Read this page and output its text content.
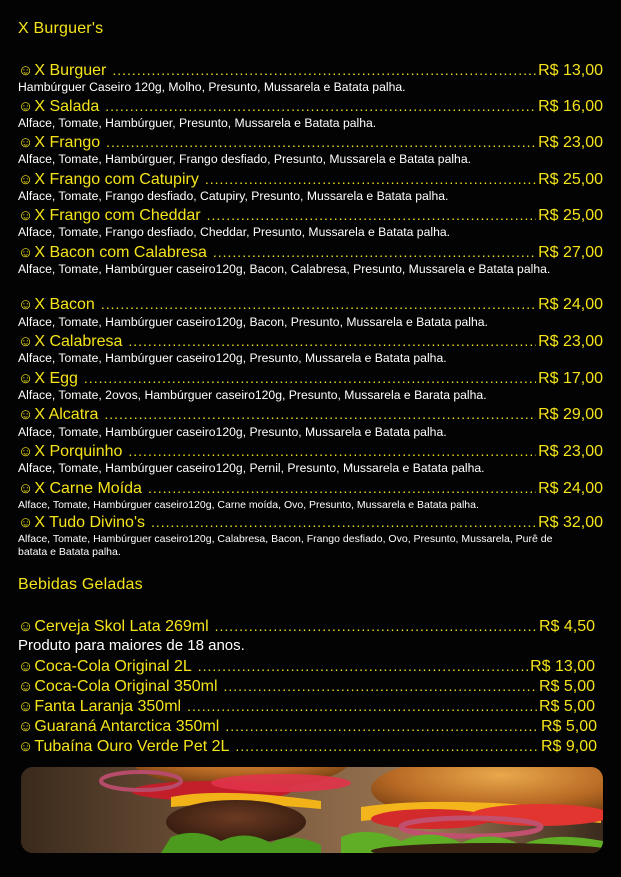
X Burguer's
☺ X Burguer .....	R$ 13,00
Hambúrguer Caseiro 120g, Molho, Presunto, Mussarela e Batata palha.
☺ X Salada .....	R$ 16,00
Alface, Tomate, Hambúrguer, Presunto, Mussarela e Batata palha.
☺ X Frango .....	R$ 23,00
Alface, Tomate, Hambúrguer, Frango desfiado, Presunto, Mussarela e Batata palha.
☺ X Frango com Catupiry .....	R$ 25,00
Alface, Tomate, Frango desfiado, Catupiry, Presunto, Mussarela e Batata palha.
☺ X Frango com Cheddar .....	R$ 25,00
Alface, Tomate, Frango desfiado, Cheddar, Presunto, Mussarela e Batata palha.
☺ X Bacon com Calabresa .....	R$ 27,00
Alface, Tomate, Hambúrguer caseiro120g, Bacon, Calabresa, Presunto, Mussarela e Batata palha.
☺ X Bacon .....	R$ 24,00
Alface, Tomate, Hambúrguer caseiro120g, Bacon, Presunto, Mussarela e Batata palha.
☺ X Calabresa .....	R$ 23,00
Alface, Tomate, Hambúrguer caseiro120g, Presunto, Mussarela e Batata palha.
☺ X Egg .....	R$ 17,00
Alface, Tomate, 2ovos, Hambúrguer caseiro120g, Presunto, Mussarela e Barata palha.
☺ X Alcatra .....	R$ 29,00
Alface, Tomate, Hambúrguer caseiro120g, Presunto, Mussarela e Batata palha.
☺ X Porquinho .....	R$ 23,00
Alface, Tomate, Hambúrguer caseiro120g, Pernil, Presunto, Mussarela e Batata palha.
☺ X Carne Moída .....	R$ 24,00
Alface, Tomate, Hambúrguer caseiro120g, Carne moída, Ovo, Presunto, Mussarela e Batata palha.
☺ X Tudo Divino's .....	R$ 32,00
Alface, Tomate, Hambúrguer caseiro120g, Calabresa, Bacon, Frango desfiado, Ovo, Presunto, Mussarela, Purê de batata e Batata palha.
Bebidas Geladas
☺ Cerveja Skol Lata 269ml .....	R$ 4,50
Produto para maiores de 18 anos.
☺ Coca-Cola Original 2L .....	R$ 13,00
☺ Coca-Cola Original 350ml .....	R$ 5,00
☺ Fanta Laranja 350ml .....	R$ 5,00
☺ Guaraná Antarctica 350ml .....	R$ 5,00
☺ Tubaína Ouro Verde Pet 2L .....	R$ 9,00
